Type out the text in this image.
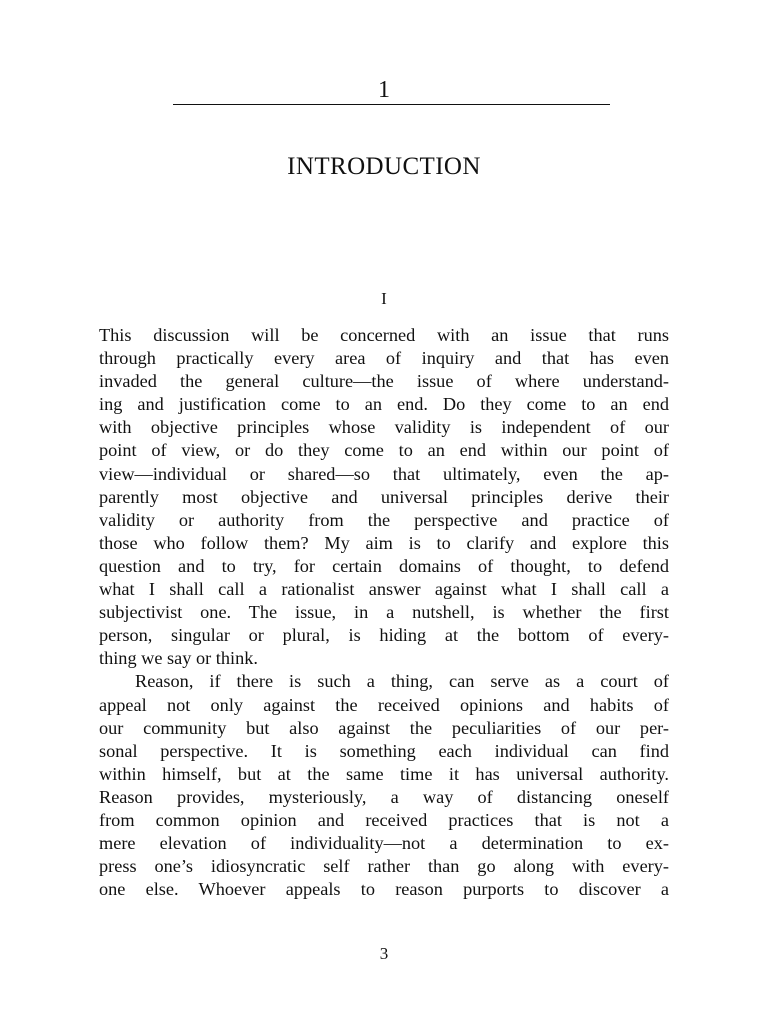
1
INTRODUCTION
I

This discussion will be concerned with an issue that runs
through practically every area of inquiry and that has even
invaded the general culture—the issue of where understand-
ing and justification come to an end. Do they come to an end
with objective principles whose validity is independent of our
point of view, or do they come to an end within our point of
view—individual or shared—so that ultimately, even the ap-
parently most objective and universal principles derive their
validity or authority from the perspective and practice of
those who follow them? My aim is to clarify and explore this
question and to try, for certain domains of thought, to defend
what I shall call a rationalist answer against what I shall call a
subjectivist one. The issue, in a nutshell, is whether the first
person, singular or plural, is hiding at the bottom of every-
thing we say or think.

Reason, if there is such a thing, can serve as a court of
appeal not only against the received opinions and habits of
our community but also against the peculiarities of our per-
sonal perspective. It is something each individual can find
within himself, but at the same time it has universal authority.
Reason provides, mysteriously, a way of distancing oneself
from common opinion and received practices that is not a
mere elevation of individuality—not a determination to ex-
press one’s idiosyncratic self rather than go along with every-
one else. Whoever appeals to reason purports to discover a

3
